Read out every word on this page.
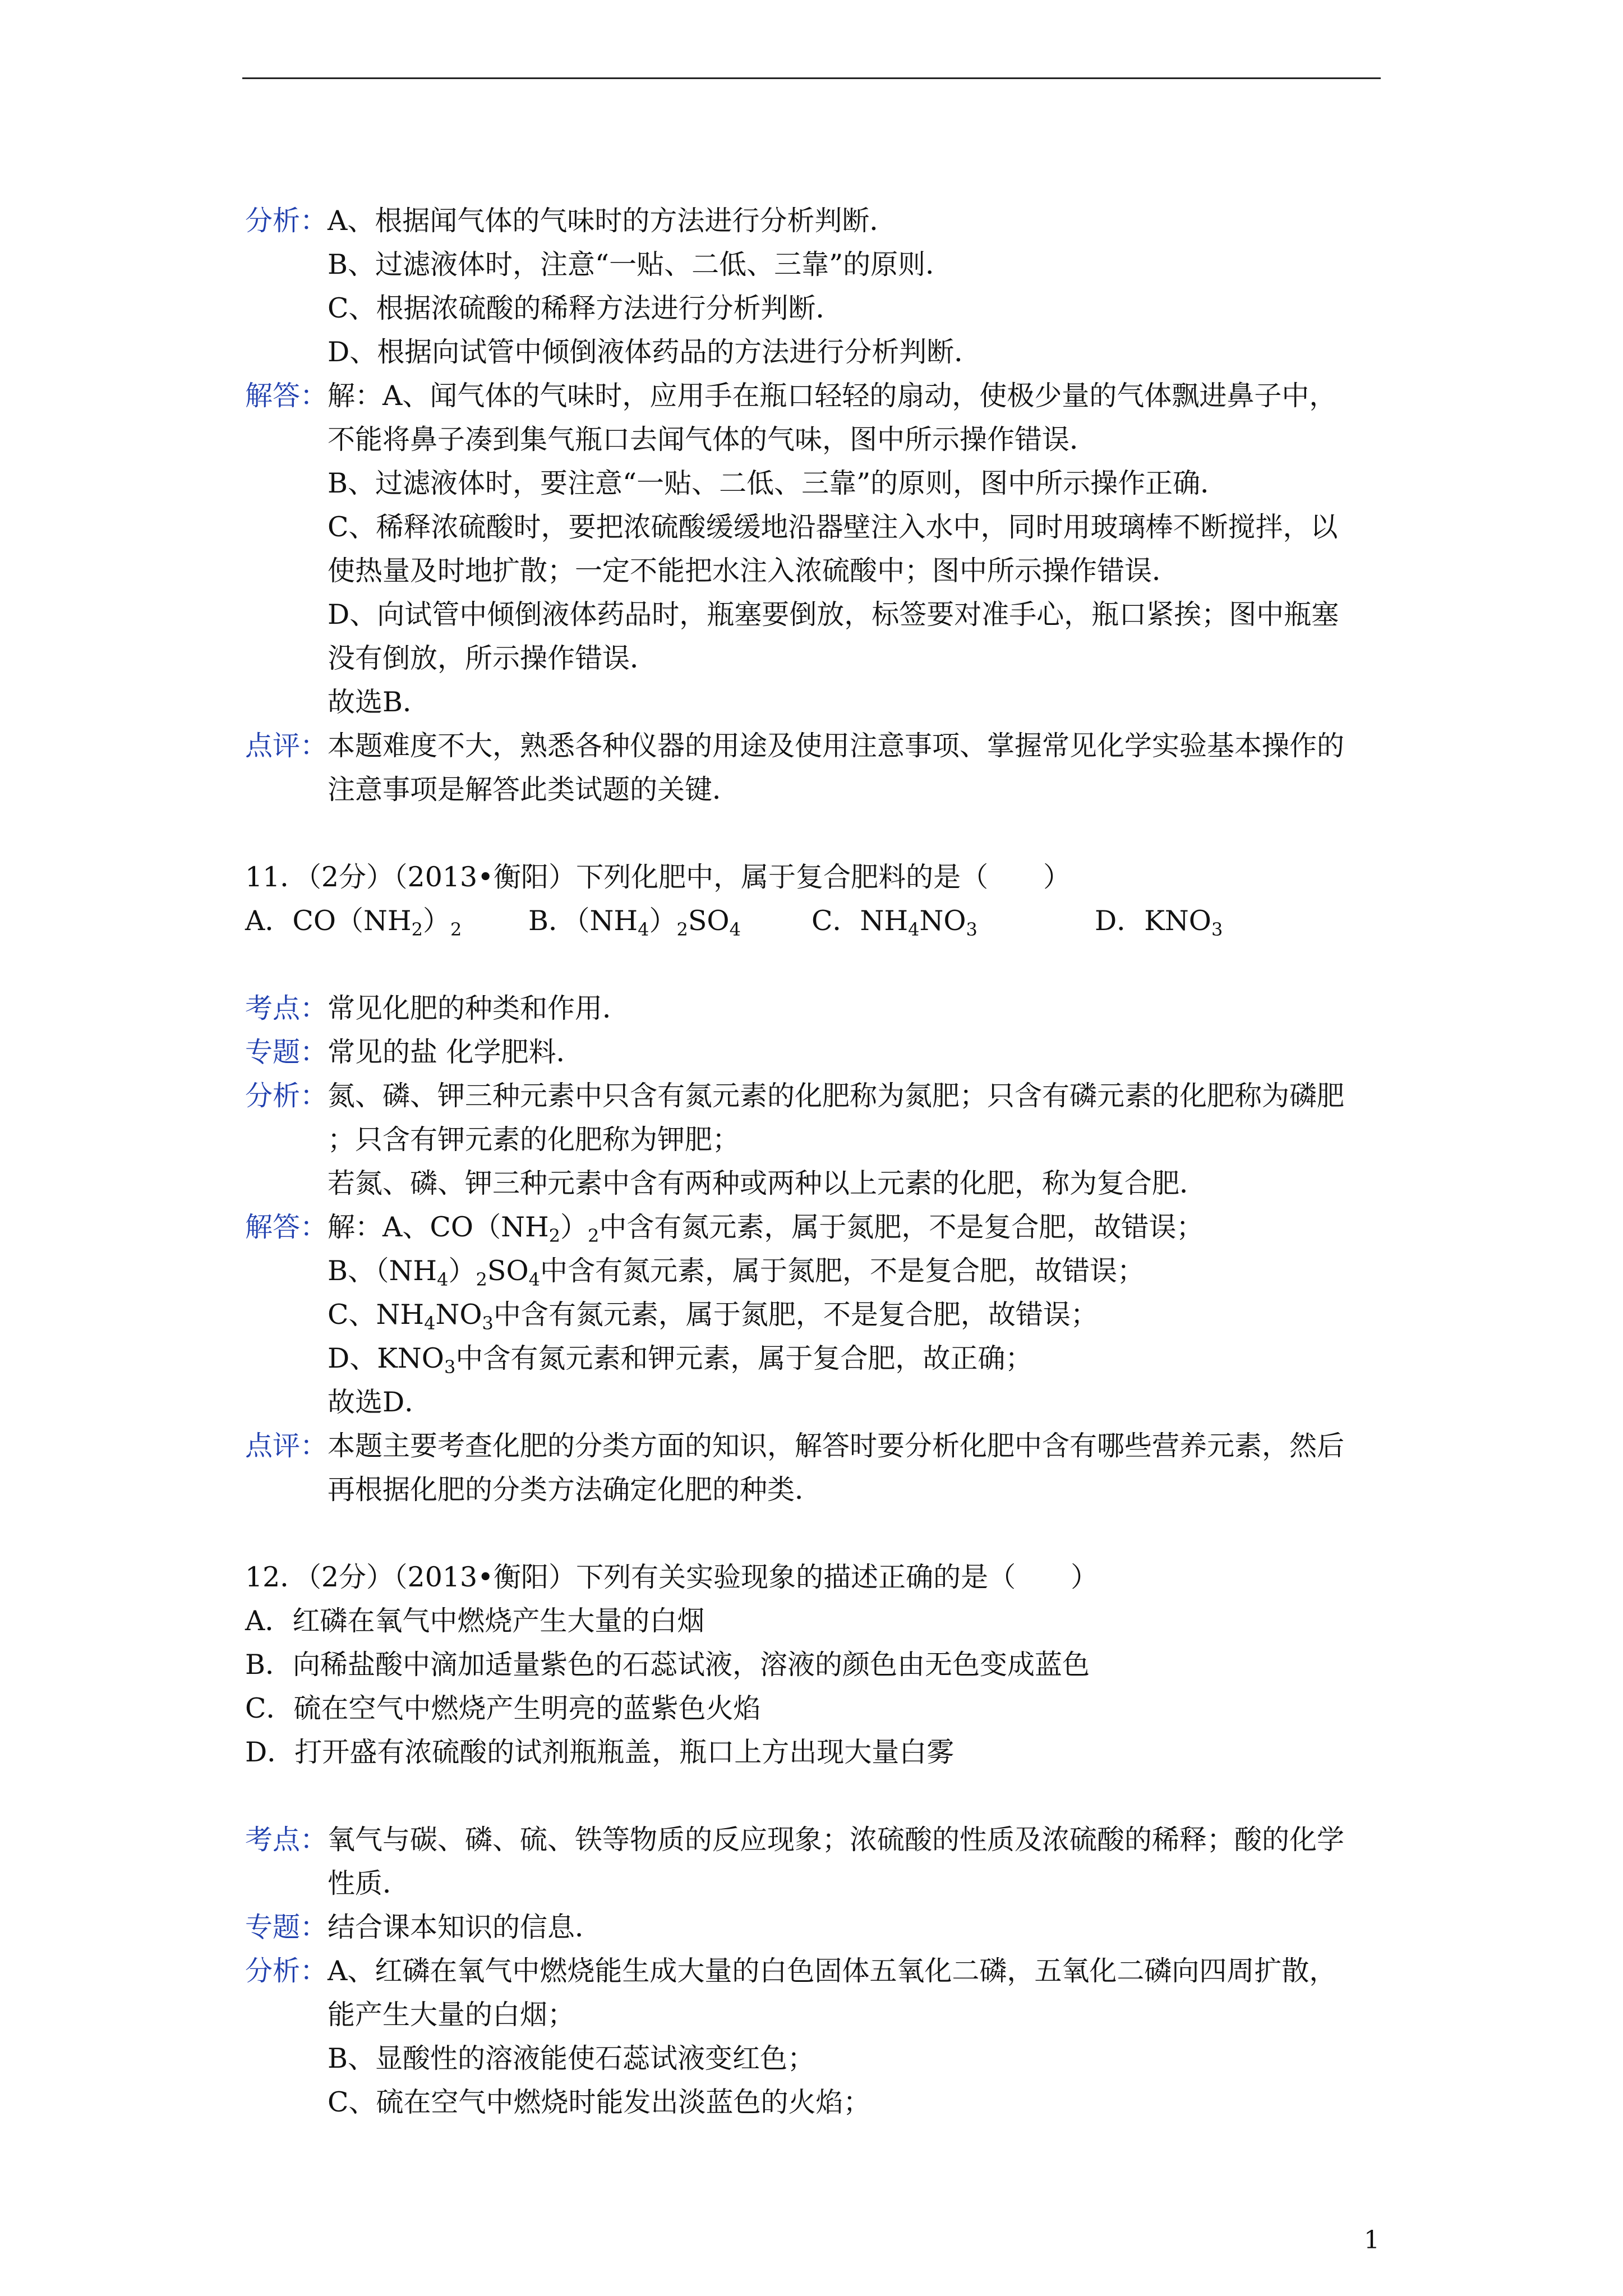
分析： A、根据闻气体的气味时的方法进行分析判断．

B、过滤液体时，注意“一贴、二低、三靠”的原则．

C、根据浓硫酸的稀释方法进行分析判断．

D、根据向试管中倾倒液体药品的方法进行分析判断．

解答： 解：A、闻气体的气味时，应用手在瓶口轻轻的扇动，使极少量的气体飘进鼻子中，

不能将鼻子凑到集气瓶口去闻气体的气味，图中所示操作错误．

B、过滤液体时，要注意“一贴、二低、三靠”的原则，图中所示操作正确．

C、稀释浓硫酸时，要把浓硫酸缓缓地沿器壁注入水中，同时用玻璃棒不断搅拌，以

使热量及时地扩散；一定不能把水注入浓硫酸中；图中所示操作错误．

D、向试管中倾倒液体药品时，瓶塞要倒放，标签要对准手心，瓶口紧挨；图中瓶塞

没有倒放，所示操作错误．

故选B．

点评： 本题难度不大，熟悉各种仪器的用途及使用注意事项、掌握常见化学实验基本操作的

注意事项是解答此类试题的关键．

11．（2分）（2013•衡阳）下列化肥中，属于复合肥料的是（　　）

A．$CO(NH_2)_2$	B．$(NH_4)_2SO_4$	C．$NH_4NO_3$	D．$KNO_3$
考点： 常见化肥的种类和作用．

专题： 常见的盐 化学肥料．

分析： 氮、磷、钾三种元素中只含有氮元素的化肥称为氮肥；只含有磷元素的化肥称为磷肥

；只含有钾元素的化肥称为钾肥；

若氮、磷、钾三种元素中含有两种或两种以上元素的化肥，称为复合肥．

解答： 解：A、$CO(NH_2)_2$中含有氮元素，属于氮肥，不是复合肥，故错误；

B、$(NH_4)_2SO_4$中含有氮元素，属于氮肥，不是复合肥，故错误；

C、$NH_4NO_3$中含有氮元素，属于氮肥，不是复合肥，故错误；

D、$KNO_3$中含有氮元素和钾元素，属于复合肥，故正确；

故选D．

点评： 本题主要考查化肥的分类方面的知识，解答时要分析化肥中含有哪些营养元素，然后

再根据化肥的分类方法确定化肥的种类．

12．（2分）（2013•衡阳）下列有关实验现象的描述正确的是（　　）

A．红磷在氧气中燃烧产生大量的白烟

B．向稀盐酸中滴加适量紫色的石蕊试液，溶液的颜色由无色变成蓝色

C．硫在空气中燃烧产生明亮的蓝紫色火焰

D．打开盛有浓硫酸的试剂瓶瓶盖，瓶口上方出现大量白雾

考点： 氧气与碳、磷、硫、铁等物质的反应现象；浓硫酸的性质及浓硫酸的稀释；酸的化学

性质．

专题： 结合课本知识的信息．

分析： A、红磷在氧气中燃烧能生成大量的白色固体五氧化二磷，五氧化二磷向四周扩散，

能产生大量的白烟；

B、显酸性的溶液能使石蕊试液变红色；

C、硫在空气中燃烧时能发出淡蓝色的火焰；

1
